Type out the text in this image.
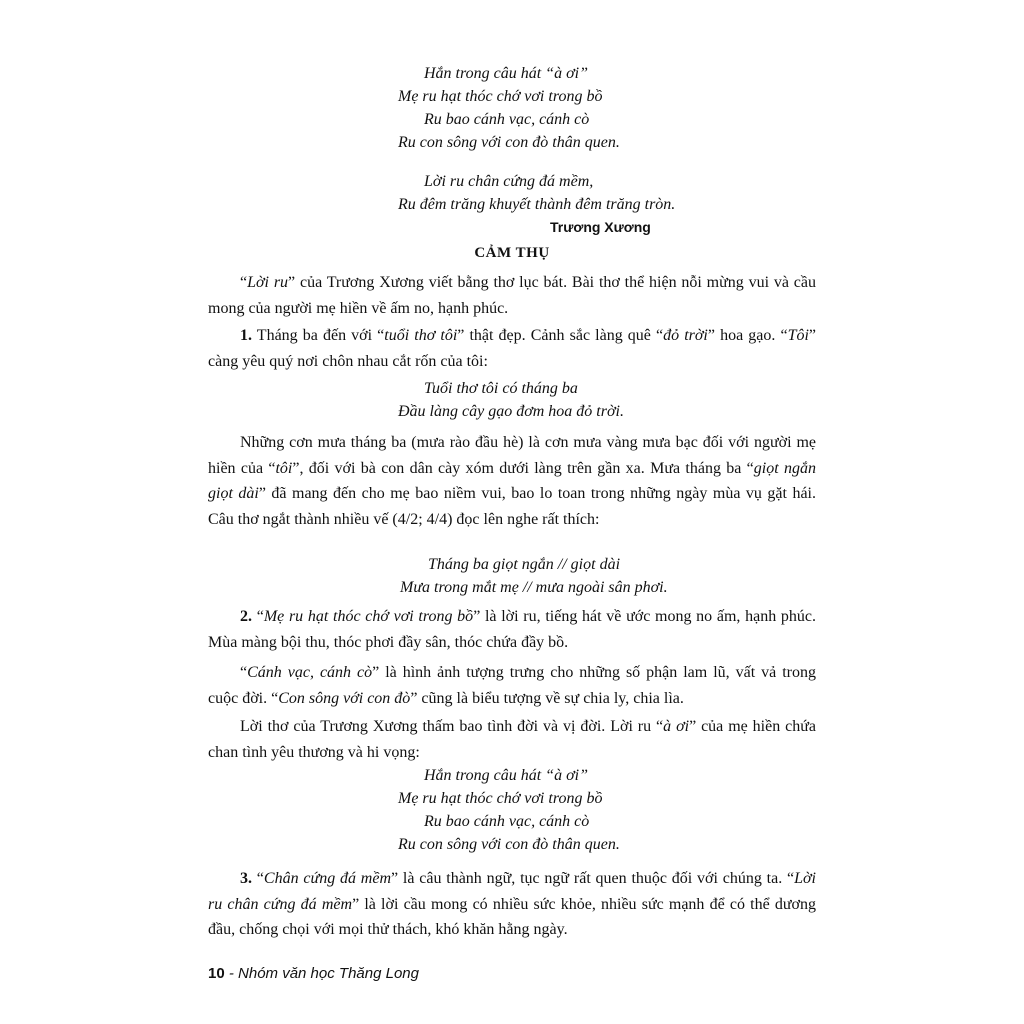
Hắn trong câu hát “à ơi”
Mẹ ru hạt thóc chớ vơi trong bồ
Ru bao cánh vạc, cánh cò
Ru con sông với con đò thân quen.
Lời ru chân cứng đá mềm,
Ru đêm trăng khuyết thành đêm trăng tròn.
Trương Xương
CẢM THỤ

“Lời ru” của Trương Xương viết bằng thơ lục bát. Bài thơ thể hiện nỗi mừng vui và cầu mong của người mẹ hiền về ấm no, hạnh phúc.

1. Tháng ba đến với “tuổi thơ tôi” thật đẹp. Cảnh sắc làng quê “đỏ trời” hoa gạo. “Tôi” càng yêu quý nơi chôn nhau cắt rốn của tôi:

Tuổi thơ tôi có tháng ba
Đầu làng cây gạo đơm hoa đỏ trời.

Những cơn mưa tháng ba (mưa rào đầu hè) là cơn mưa vàng mưa bạc đối với người mẹ hiền của “tôi”, đối với bà con dân cày xóm dưới làng trên gần xa. Mưa tháng ba “giọt ngắn giọt dài” đã mang đến cho mẹ bao niềm vui, bao lo toan trong những ngày mùa vụ gặt hái. Câu thơ ngắt thành nhiều vế (4/2; 4/4) đọc lên nghe rất thích:

Tháng ba giọt ngắn // giọt dài
Mưa trong mắt mẹ // mưa ngoài sân phơi.

2. “Mẹ ru hạt thóc chớ vơi trong bồ” là lời ru, tiếng hát về ước mong no ấm, hạnh phúc. Mùa màng bội thu, thóc phơi đầy sân, thóc chứa đầy bồ.

“Cánh vạc, cánh cò” là hình ảnh tượng trưng cho những số phận lam lũ, vất vả trong cuộc đời. “Con sông với con đò” cũng là biểu tượng về sự chia ly, chia lìa.

Lời thơ của Trương Xương thấm bao tình đời và vị đời. Lời ru “à ơi” của mẹ hiền chứa chan tình yêu thương và hi vọng:

Hắn trong câu hát “à ơi”
Mẹ ru hạt thóc chớ vơi trong bồ
Ru bao cánh vạc, cánh cò
Ru con sông với con đò thân quen.

3. “Chân cứng đá mềm” là câu thành ngữ, tục ngữ rất quen thuộc đối với chúng ta. “Lời ru chân cứng đá mềm” là lời cầu mong có nhiều sức khỏe, nhiều sức mạnh để có thể dương đầu, chống chọi với mọi thử thách, khó khăn hằng ngày.

10 - Nhóm văn học Thăng Long
